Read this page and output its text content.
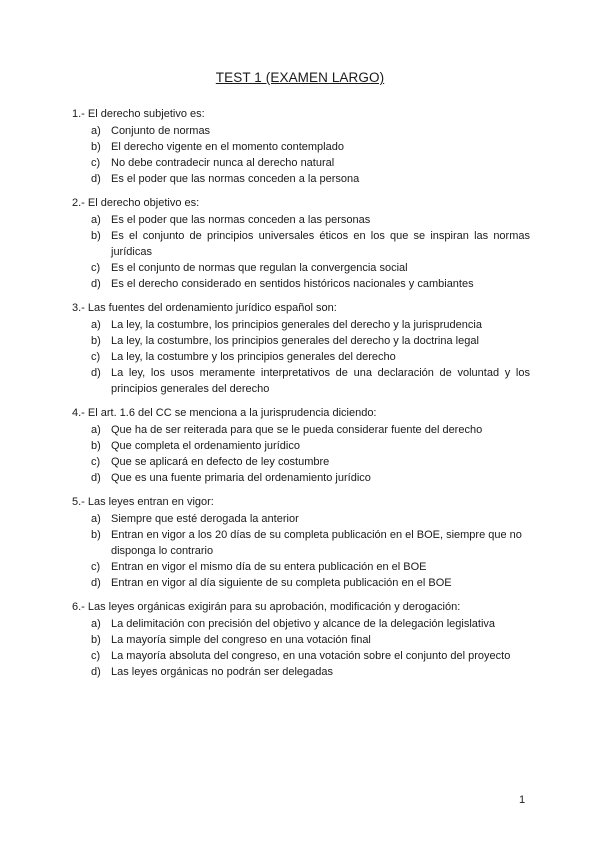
TEST 1 (EXAMEN LARGO)
1.- El derecho subjetivo es:
a) Conjunto de normas
b) El derecho vigente en el momento contemplado
c) No debe contradecir nunca al derecho natural
d) Es el poder que las normas conceden a la persona
2.- El derecho objetivo es:
a) Es el poder que las normas conceden a las personas
b) Es el conjunto de principios universales éticos en los que se inspiran las normas jurídicas
c) Es el conjunto de normas que regulan la convergencia social
d) Es el derecho considerado en sentidos históricos nacionales y cambiantes
3.- Las fuentes del ordenamiento jurídico español son:
a) La ley, la costumbre, los principios generales del derecho y la jurisprudencia
b) La ley, la costumbre, los principios generales del derecho y la doctrina legal
c) La ley, la costumbre y los principios generales del derecho
d) La ley, los usos meramente interpretativos de una declaración de voluntad y los principios generales del derecho
4.- El art. 1.6 del CC se menciona a la jurisprudencia diciendo:
a) Que ha de ser reiterada para que se le pueda considerar fuente del derecho
b) Que completa el ordenamiento jurídico
c) Que se aplicará en defecto de ley costumbre
d) Que es una fuente primaria del ordenamiento jurídico
5.- Las leyes entran en vigor:
a) Siempre que esté derogada la anterior
b) Entran en vigor a los 20 días de su completa publicación en el BOE, siempre que no disponga lo contrario
c) Entran en vigor el mismo día de su entera publicación en el BOE
d) Entran en vigor al día siguiente de su completa publicación en el BOE
6.- Las leyes orgánicas exigirán para su aprobación, modificación y derogación:
a) La delimitación con precisión del objetivo y alcance de la delegación legislativa
b) La mayoría simple del congreso en una votación final
c) La mayoría absoluta del congreso, en una votación sobre el conjunto del proyecto
d) Las leyes orgánicas no podrán ser delegadas
1
